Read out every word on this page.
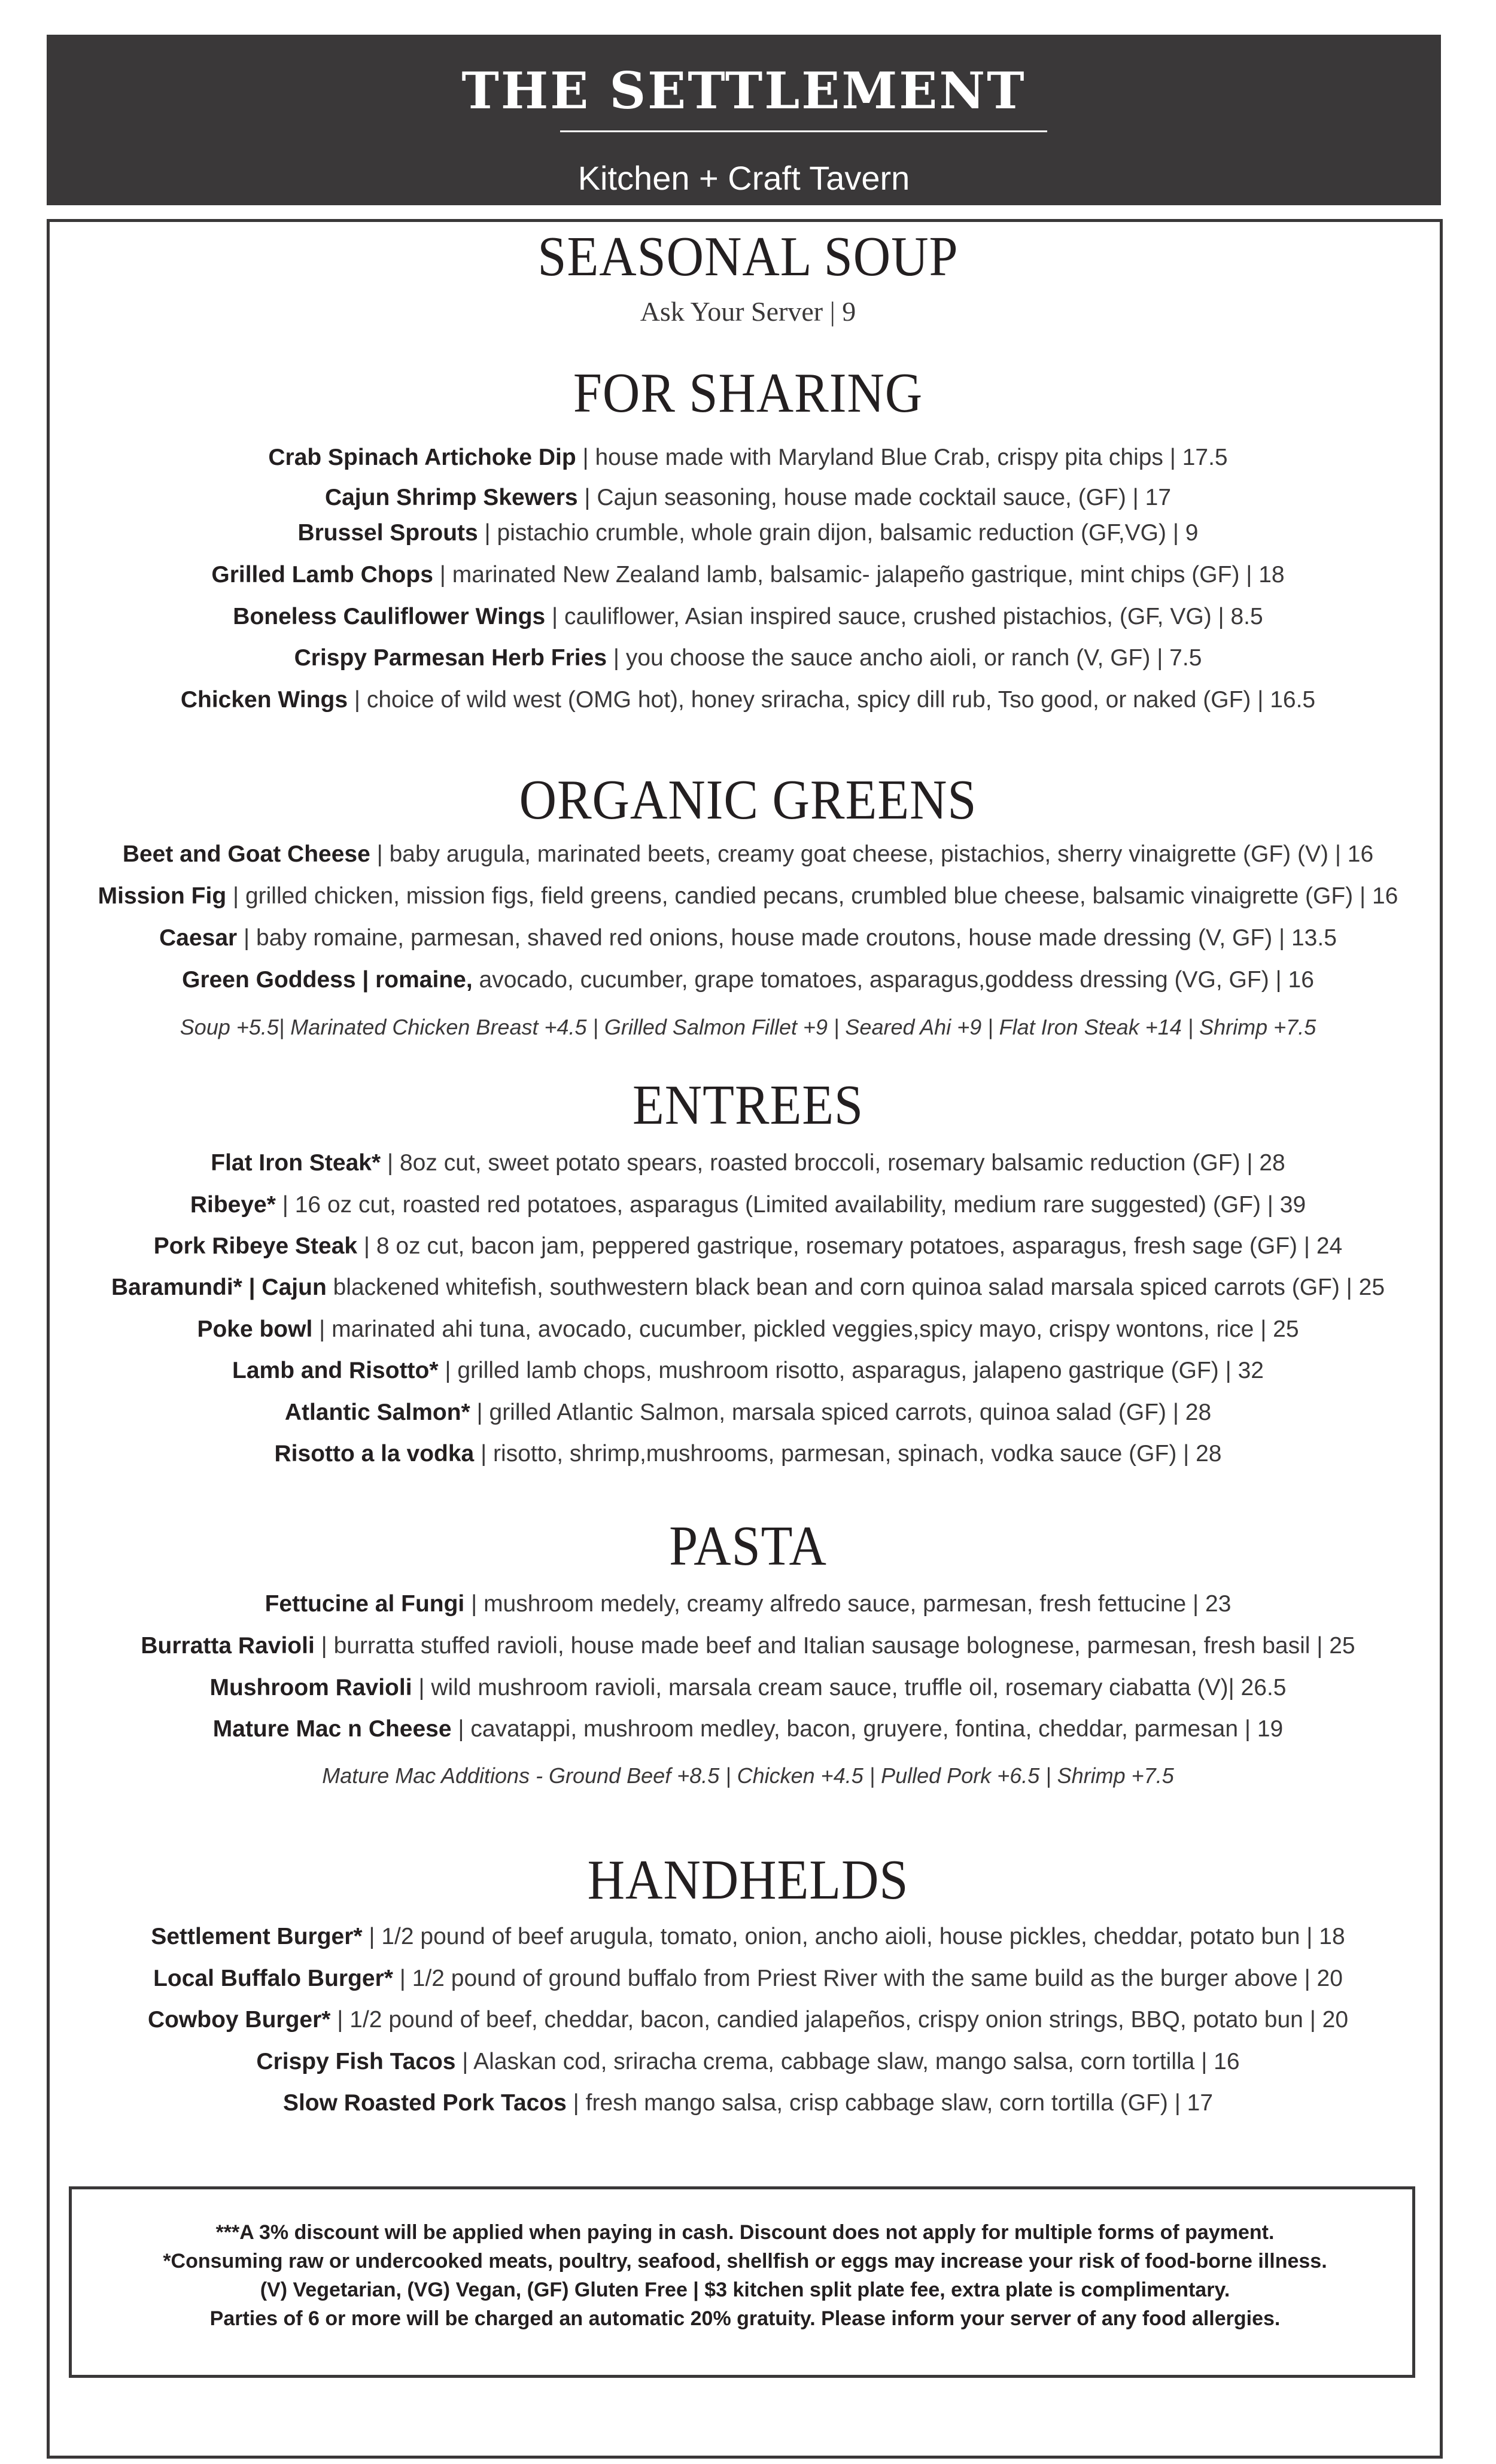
THE SETTLEMENT
Kitchen + Craft Tavern
SEASONAL SOUP
Ask Your Server | 9
FOR SHARING
Crab Spinach Artichoke Dip | house made with Maryland Blue Crab, crispy pita chips | 17.5
Cajun Shrimp Skewers | Cajun seasoning, house made cocktail sauce, (GF) | 17
Brussel Sprouts | pistachio crumble, whole grain dijon, balsamic reduction (GF,VG) | 9
Grilled Lamb Chops | marinated New Zealand lamb, balsamic- jalapeño gastrique, mint chips (GF) | 18
Boneless Cauliflower Wings | cauliflower, Asian inspired sauce, crushed pistachios, (GF, VG) | 8.5
Crispy Parmesan Herb Fries | you choose the sauce ancho aioli, or ranch (V, GF) | 7.5
Chicken Wings | choice of wild west (OMG hot), honey sriracha, spicy dill rub, Tso good, or naked (GF) | 16.5
ORGANIC GREENS
Beet and Goat Cheese | baby arugula, marinated beets, creamy goat cheese, pistachios, sherry vinaigrette (GF) (V) | 16
Mission Fig | grilled chicken, mission figs, field greens, candied pecans, crumbled blue cheese, balsamic vinaigrette (GF) | 16
Caesar | baby romaine, parmesan, shaved red onions, house made croutons, house made dressing (V, GF) | 13.5
Green Goddess | romaine, avocado, cucumber, grape tomatoes, asparagus,goddess dressing (VG, GF) | 16
Soup +5.5| Marinated Chicken Breast +4.5 | Grilled Salmon Fillet +9 | Seared Ahi +9 | Flat Iron Steak +14 | Shrimp +7.5
ENTREES
Flat Iron Steak* | 8oz cut, sweet potato spears, roasted broccoli, rosemary balsamic reduction (GF) | 28
Ribeye* | 16 oz cut, roasted red potatoes, asparagus (Limited availability, medium rare suggested) (GF) | 39
Pork Ribeye Steak | 8 oz cut, bacon jam, peppered gastrique, rosemary potatoes, asparagus, fresh sage (GF) | 24
Baramundi* | Cajun blackened whitefish, southwestern black bean and corn quinoa salad marsala spiced carrots (GF) | 25
Poke bowl | marinated ahi tuna, avocado, cucumber, pickled veggies,spicy mayo, crispy wontons, rice | 25
Lamb and Risotto* | grilled lamb chops, mushroom risotto, asparagus, jalapeno gastrique (GF) | 32
Atlantic Salmon* | grilled Atlantic Salmon, marsala spiced carrots, quinoa salad (GF) | 28
Risotto a la vodka | risotto, shrimp,mushrooms, parmesan, spinach, vodka sauce (GF) | 28
PASTA
Fettucine al Fungi | mushroom medely, creamy alfredo sauce, parmesan, fresh fettucine | 23
Burratta Ravioli | burratta stuffed ravioli, house made beef and Italian sausage bolognese, parmesan, fresh basil | 25
Mushroom Ravioli | wild mushroom ravioli, marsala cream sauce, truffle oil, rosemary ciabatta (V)| 26.5
Mature Mac n Cheese | cavatappi, mushroom medley, bacon, gruyere, fontina, cheddar, parmesan | 19
Mature Mac Additions - Ground Beef +8.5 | Chicken +4.5 | Pulled Pork +6.5 | Shrimp +7.5
HANDHELDS
Settlement Burger* | 1/2 pound of beef arugula, tomato, onion, ancho aioli, house pickles, cheddar, potato bun | 18
Local Buffalo Burger* | 1/2 pound of ground buffalo from Priest River with the same build as the burger above | 20
Cowboy Burger* | 1/2 pound of beef, cheddar, bacon, candied jalapeños, crispy onion strings, BBQ, potato bun | 20
Crispy Fish Tacos | Alaskan cod, sriracha crema, cabbage slaw, mango salsa, corn tortilla | 16
Slow Roasted Pork Tacos | fresh mango salsa, crisp cabbage slaw, corn tortilla (GF) | 17
***A 3% discount will be applied when paying in cash. Discount does not apply for multiple forms of payment.
*Consuming raw or undercooked meats, poultry, seafood, shellfish or eggs may increase your risk of food-borne illness.
(V) Vegetarian, (VG) Vegan, (GF) Gluten Free | $3 kitchen split plate fee, extra plate is complimentary.
Parties of 6 or more will be charged an automatic 20% gratuity. Please inform your server of any food allergies.
